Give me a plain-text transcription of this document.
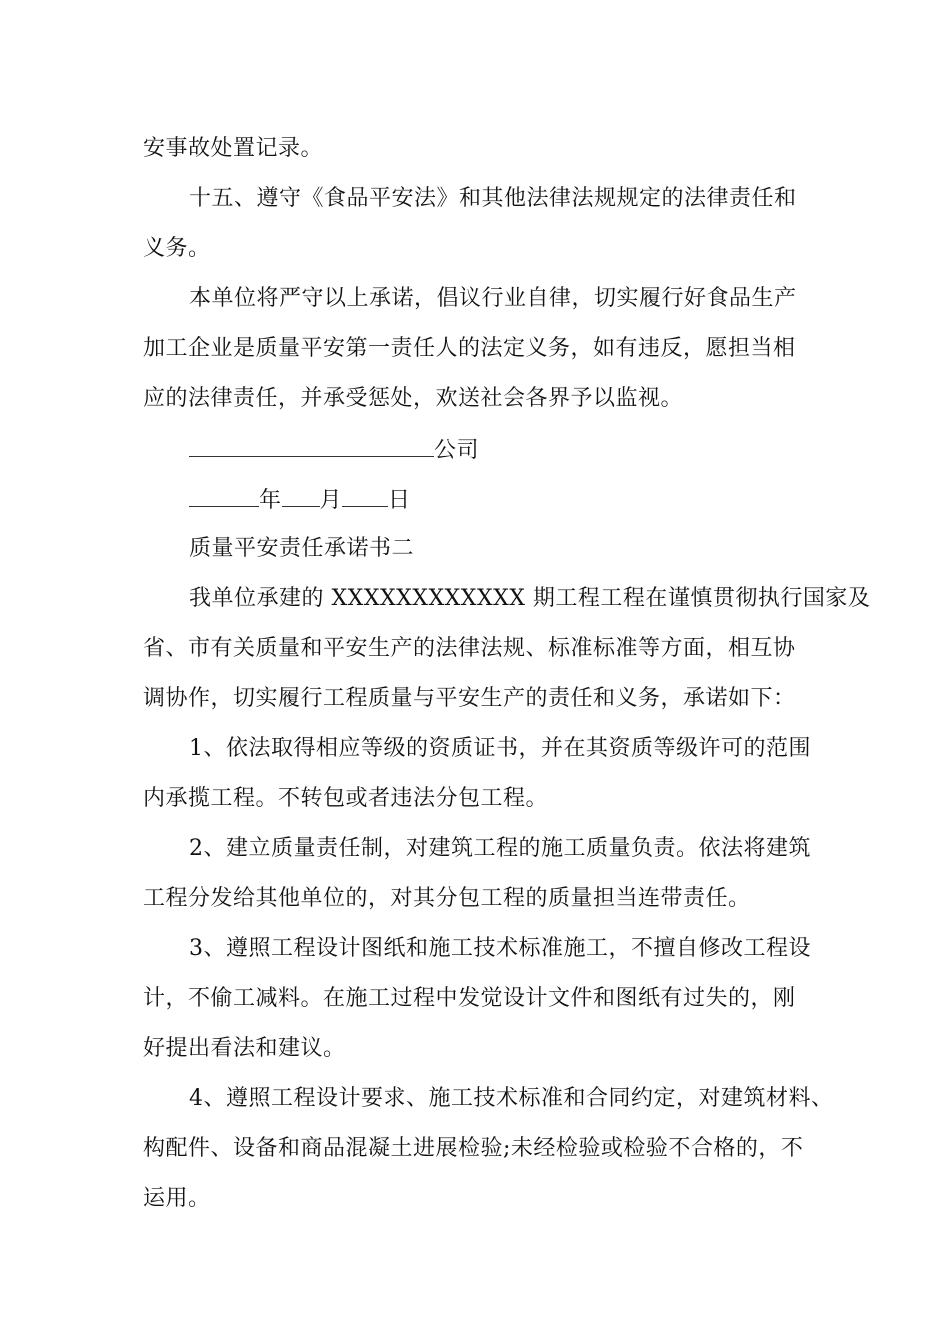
安事故处置记录。
十五、遵守《食品平安法》和其他法律法规规定的法律责任和
义务。
本单位将严守以上承诺，倡议行业自律，切实履行好食品生产
加工企业是质量平安第一责任人的法定义务，如有违反，愿担当相
应的法律责任，并承受惩处，欢送社会各界予以监视。
公司
年 月 日
质量平安责任承诺书二
我单位承建的 XXXXXXXXXXXX 期工程工程在谨慎贯彻执行国家及
省、市有关质量和平安生产的法律法规、标准标准等方面，相互协
调协作，切实履行工程质量与平安生产的责任和义务，承诺如下：
1、依法取得相应等级的资质证书，并在其资质等级许可的范围
内承揽工程。不转包或者违法分包工程。
2、建立质量责任制，对建筑工程的施工质量负责。依法将建筑
工程分发给其他单位的，对其分包工程的质量担当连带责任。
3、遵照工程设计图纸和施工技术标准施工，不擅自修改工程设
计，不偷工减料。在施工过程中发觉设计文件和图纸有过失的，刚
好提出看法和建议。
4、遵照工程设计要求、施工技术标准和合同约定，对建筑材料、
构配件、设备和商品混凝土进展检验;未经检验或检验不合格的，不
运用。
